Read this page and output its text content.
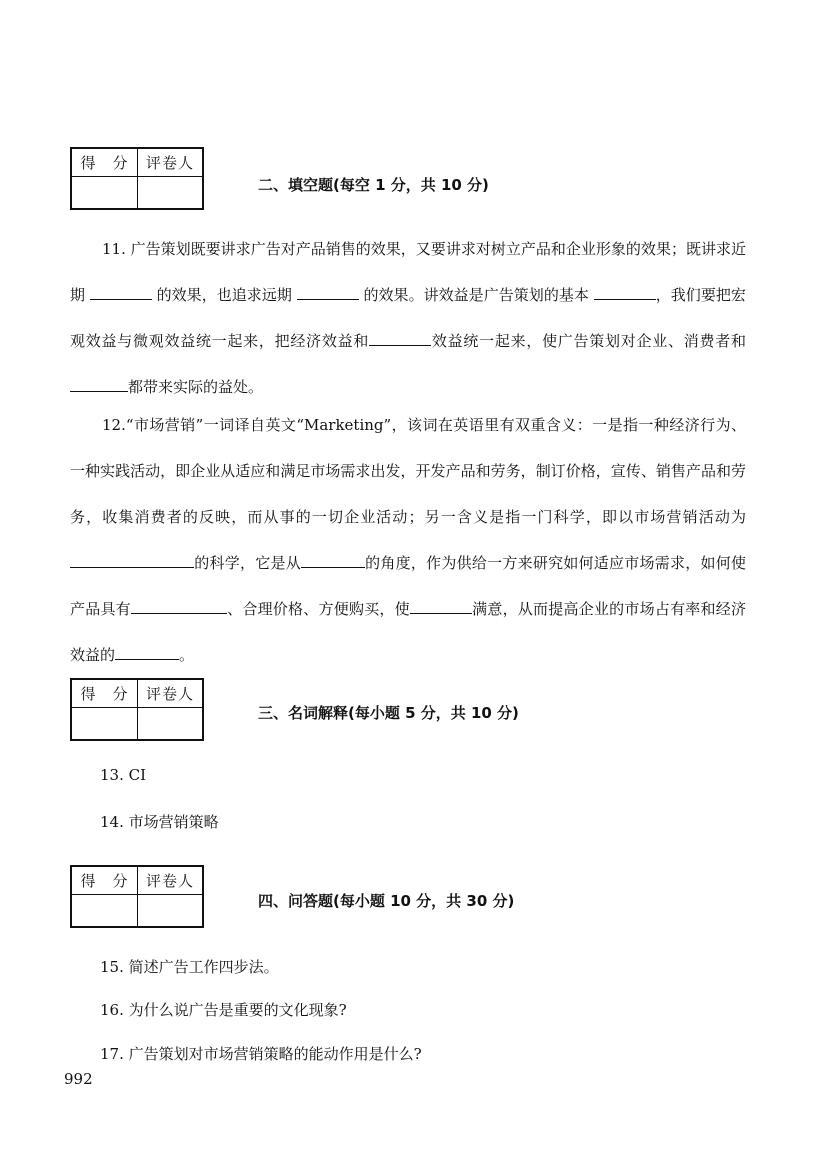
得　分	评卷人
二、填空题(每空 1 分，共 10 分)

11. 广告策划既要讲求广告对产品销售的效果，又要讲求对树立产品和企业形象的效果；既讲求近期	的效果，也追求远期	的效果。讲效益是广告策划的基本	，我们要把宏观效益与微观效益统一起来，把经济效益和	效益统一起来，使广告策划对企业、消费者和都带来实际的益处。

12.“市场营销”一词译自英文“Marketing”，该词在英语里有双重含义：一是指一种经济行为、一种实践活动，即企业从适应和满足市场需求出发，开发产品和劳务，制订价格，宣传、销售产品和劳务，收集消费者的反映，而从事的一切企业活动；另一含义是指一门科学，即以市场营销活动为的科学，它是从	的角度，作为供给一方来研究如何适应市场需求，如何使产品具有	、合理价格、方便购买，使	满意，从而提高企业的市场占有率和经济效益的	。

得　分	评卷人
三、名词解释(每小题 5 分，共 10 分)
13. CI
14. 市场营销策略
得　分	评卷人
四、问答题(每小题 10 分，共 30 分)
15. 简述广告工作四步法。
16. 为什么说广告是重要的文化现象?
17. 广告策划对市场营销策略的能动作用是什么?
992
